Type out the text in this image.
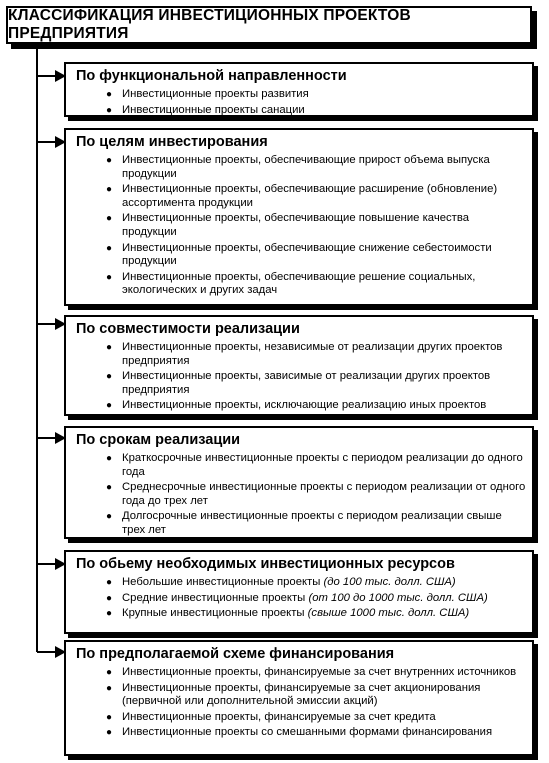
КЛАССИФИКАЦИЯ ИНВЕСТИЦИОННЫХ ПРОЕКТОВ ПРЕДПРИЯТИЯ
По функциональной направленности
● Инвестиционные проекты развития
● Инвестиционные проекты санации
По целям инвестирования
● Инвестиционные проекты, обеспечивающие прирост объема выпуска продукции
● Инвестиционные проекты, обеспечивающие расширение (обновление) ассортимента продукции
● Инвестиционные проекты, обеспечивающие повышение качества продукции
● Инвестиционные проекты, обеспечивающие снижение себестоимости продукции
● Инвестиционные проекты, обеспечивающие решение социальных, экологических и других задач
По совместимости реализации
● Инвестиционные проекты, независимые от реализации других проектов предприятия
● Инвестиционные проекты, зависимые от реализации других проектов предприятия
● Инвестиционные проекты, исключающие реализацию иных проектов
По срокам реализации
● Краткосрочные инвестиционные проекты с периодом реализации до одного года
● Среднесрочные инвестиционные проекты с периодом реализации от одного года до трех лет
● Долгосрочные инвестиционные проекты с периодом реализации свыше трех лет
По обьему необходимых инвестиционных ресурсов
● Небольшие инвестиционные проекты (до 100 тыс. долл. США)
● Средние инвестиционные проекты (от 100 до 1000 тыс. долл. США)
● Крупные инвестиционные проекты (свыше 1000 тыс. долл. США)
По предполагаемой схеме финансирования
● Инвестиционные проекты, финансируемые за счет внутренних источников
● Инвестиционные проекты, финансируемые за счет акционирования (первичной или дополнительной эмиссии акций)
● Инвестиционные проекты, финансируемые за счет кредита
● Инвестиционные проекты со смешанными формами финансирования
